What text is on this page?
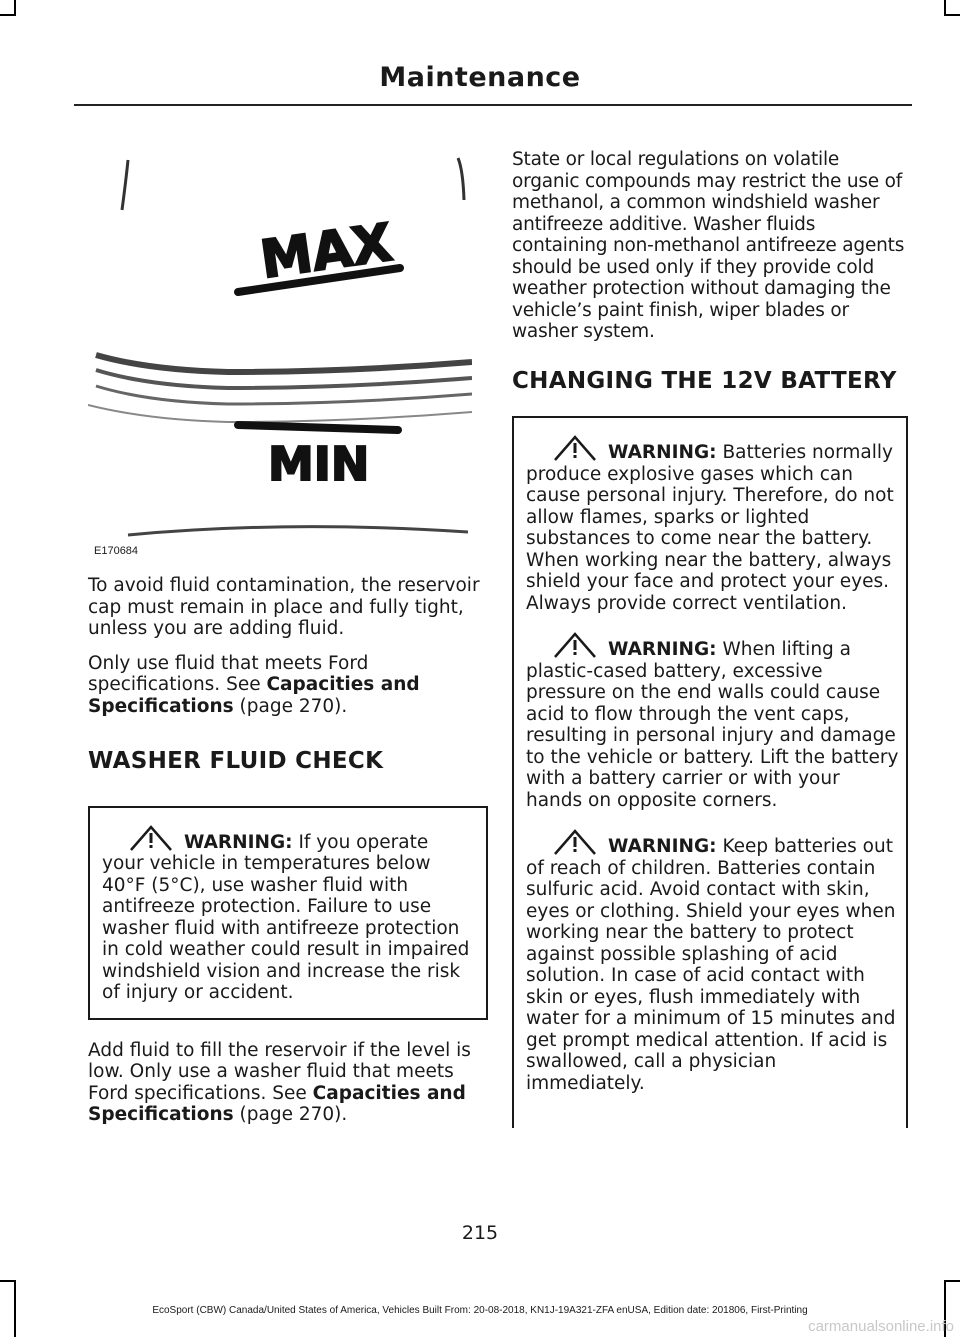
Maintenance
MAX
MIN
E170684

To avoid fluid contamination, the reservoir cap must remain in place and fully tight, unless you are adding fluid.

Only use fluid that meets Ford specifications. See Capacities and Specifications (page 270).

WASHER FLUID CHECK
WARNING: If you operate your vehicle in temperatures below 40°F (5°C), use washer fluid with antifreeze protection. Failure to use washer fluid with antifreeze protection in cold weather could result in impaired windshield vision and increase the risk of injury or accident.

Add fluid to fill the reservoir if the level is low. Only use a washer fluid that meets Ford specifications. See Capacities and Specifications (page 270).

State or local regulations on volatile organic compounds may restrict the use of methanol, a common windshield washer antifreeze additive. Washer fluids containing non-methanol antifreeze agents should be used only if they provide cold weather protection without damaging the vehicle’s paint finish, wiper blades or washer system.

CHANGING THE 12V BATTERY
WARNING: Batteries normally produce explosive gases which can cause personal injury. Therefore, do not allow flames, sparks or lighted substances to come near the battery. When working near the battery, always shield your face and protect your eyes. Always provide correct ventilation.
WARNING: When lifting a plastic-cased battery, excessive pressure on the end walls could cause acid to flow through the vent caps, resulting in personal injury and damage to the vehicle or battery. Lift the battery with a battery carrier or with your hands on opposite corners.
WARNING: Keep batteries out of reach of children. Batteries contain sulfuric acid. Avoid contact with skin, eyes or clothing. Shield your eyes when working near the battery to protect against possible splashing of acid solution. In case of acid contact with skin or eyes, flush immediately with water for a minimum of 15 minutes and get prompt medical attention. If acid is swallowed, call a physician immediately.
215
EcoSport (CBW) Canada/United States of America, Vehicles Built From: 20-08-2018, KN1J-19A321-ZFA enUSA, Edition date: 201806, First-Printing
carmanualsonline.info
